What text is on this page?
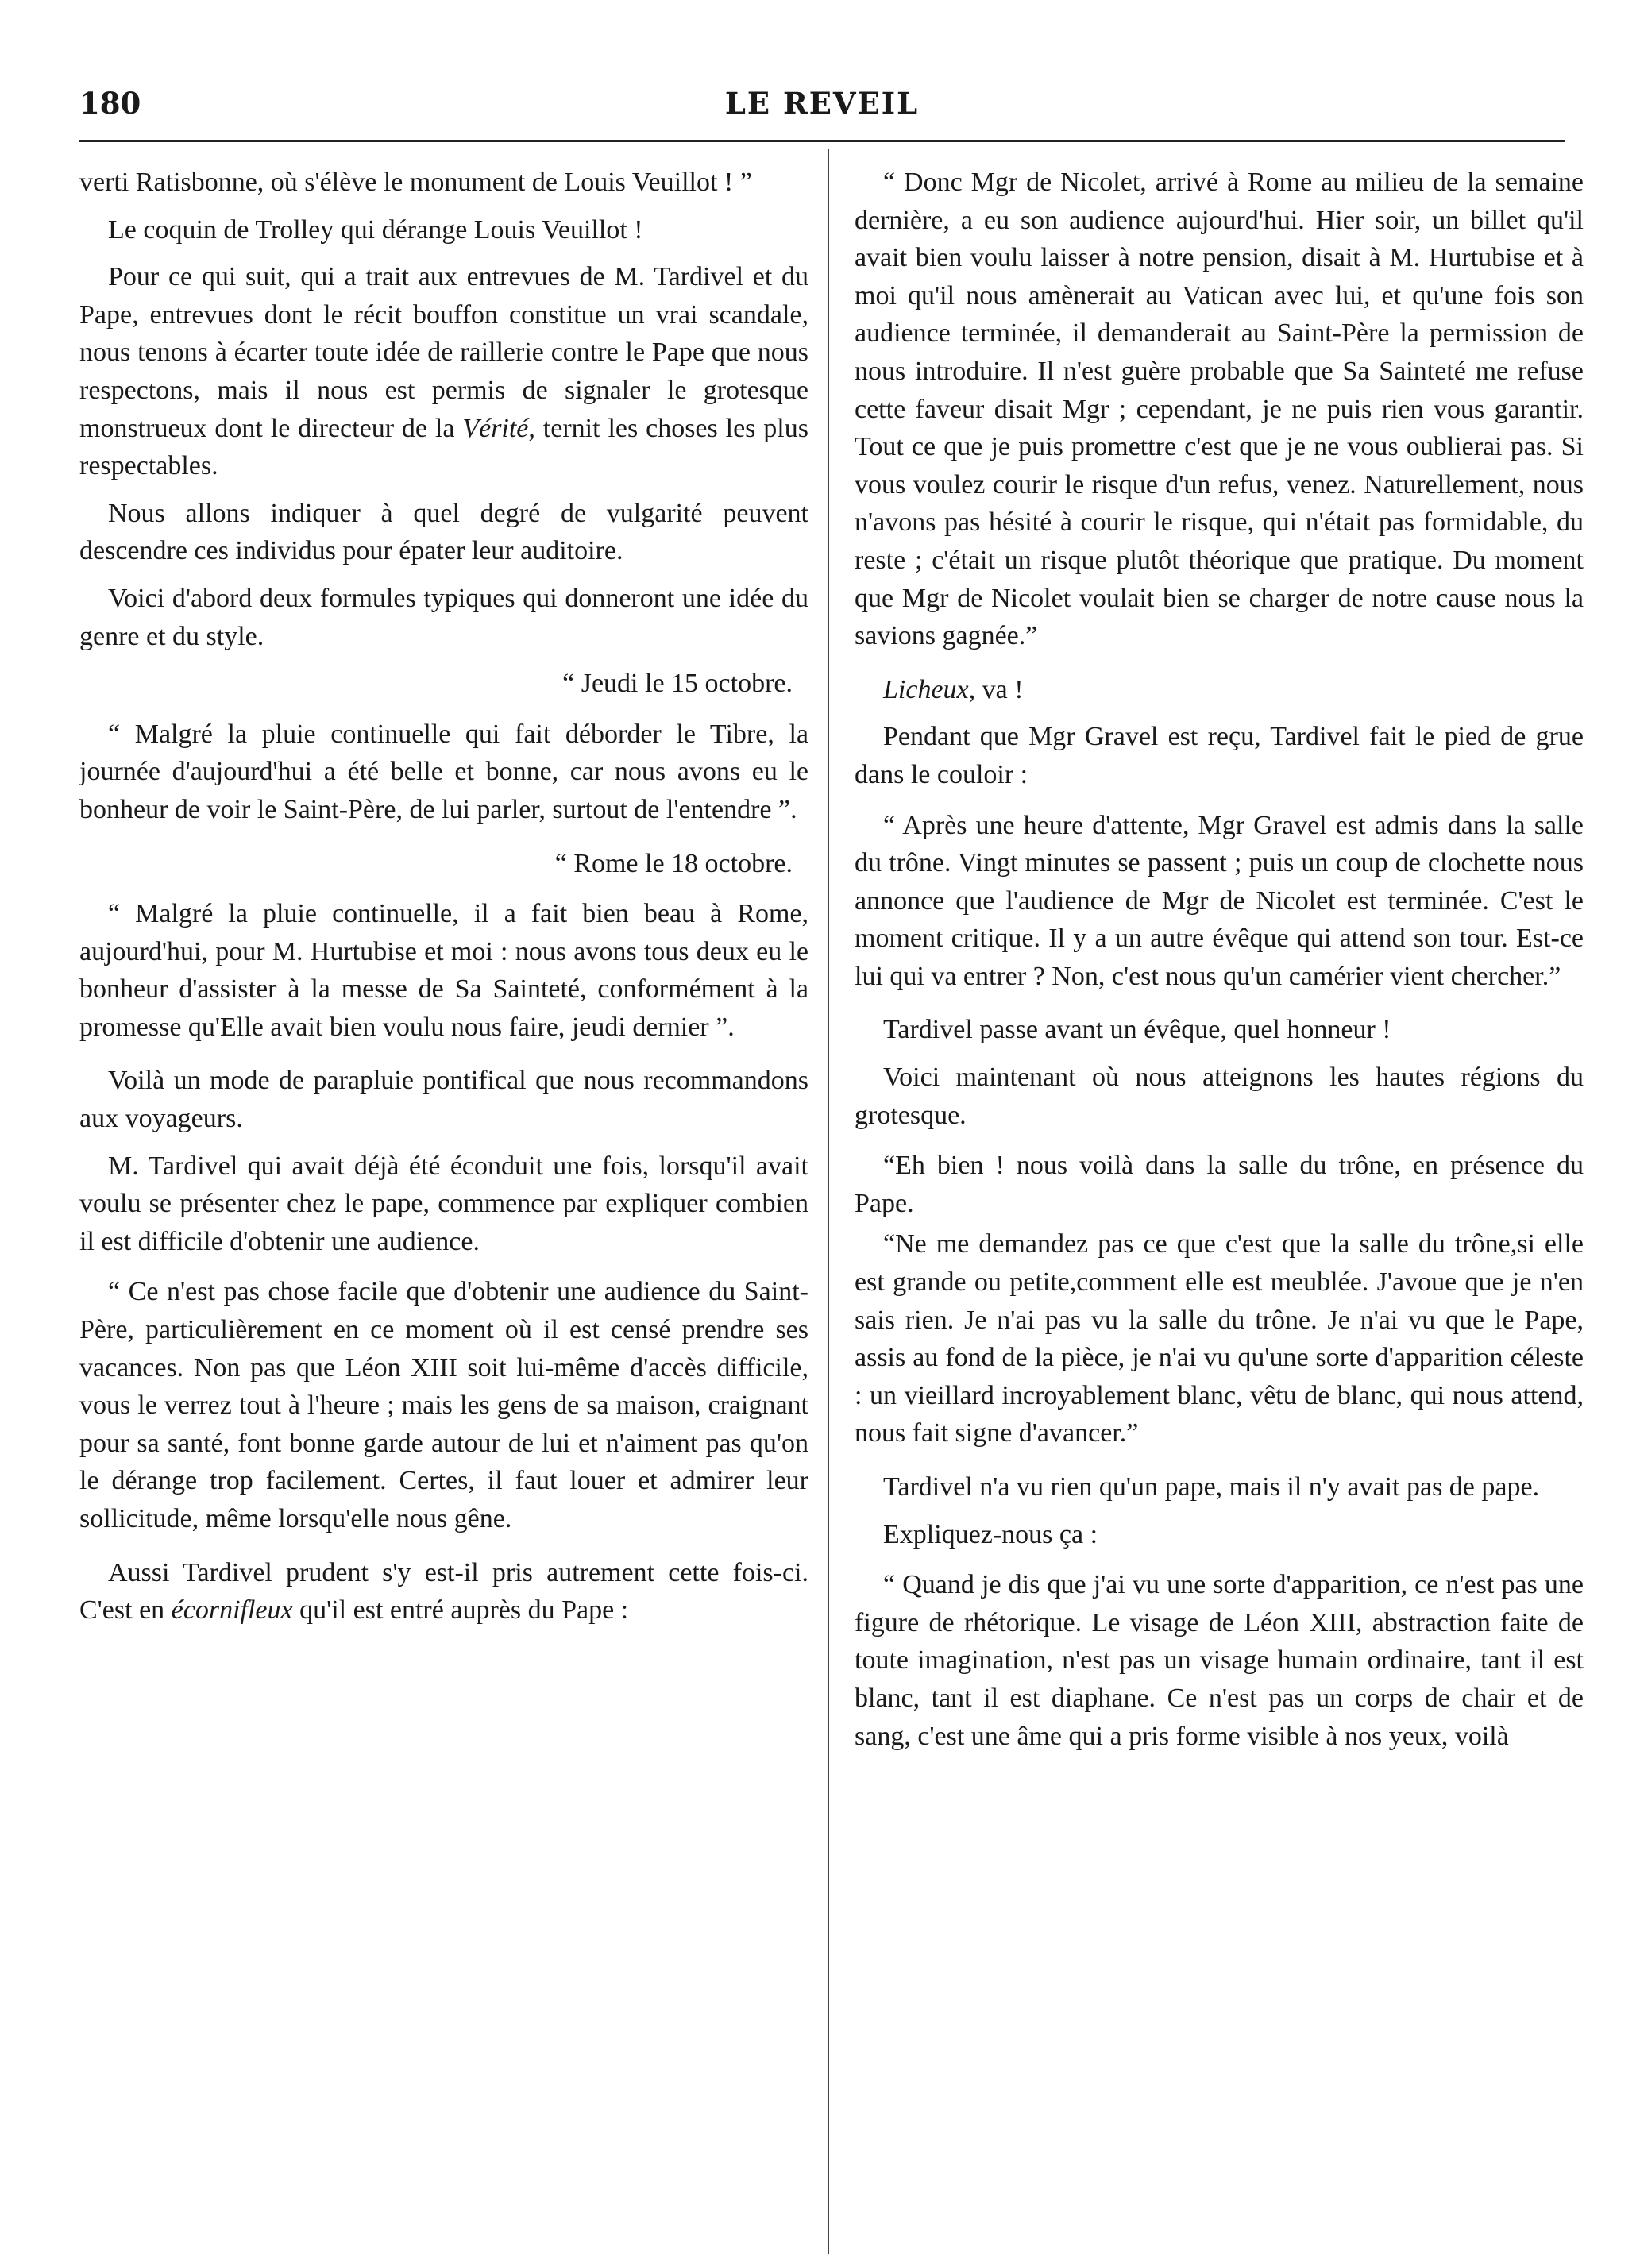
180	LE REVEIL

verti Ratisbonne, où s'élève le monument de Louis Veuillot ! ”

Le coquin de Trolley qui dérange Louis Veuillot !

Pour ce qui suit, qui a trait aux entrevues de M. Tardivel et du Pape, entrevues dont le récit bouffon constitue un vrai scandale, nous tenons à écarter toute idée de raillerie contre le Pape que nous respectons, mais il nous est permis de signaler le grotesque monstrueux dont le directeur de la Vérité, ternit les choses les plus respectables.

Nous allons indiquer à quel degré de vulgarité peuvent descendre ces individus pour épater leur auditoire.

Voici d'abord deux formules typiques qui donneront une idée du genre et du style.

“ Jeudi le 15 octobre.

“ Malgré la pluie continuelle qui fait déborder le Tibre, la journée d'aujourd'hui a été belle et bonne, car nous avons eu le bonheur de voir le Saint-Père, de lui parler, surtout de l'entendre ”.

“ Rome le 18 octobre.

“ Malgré la pluie continuelle, il a fait bien beau à Rome, aujourd'hui, pour M. Hurtubise et moi : nous avons tous deux eu le bonheur d'assister à la messe de Sa Sainteté, conformément à la promesse qu'Elle avait bien voulu nous faire, jeudi dernier ”.

Voilà un mode de parapluie pontifical que nous recommandons aux voyageurs.

M. Tardivel qui avait déjà été éconduit une fois, lorsqu'il avait voulu se présenter chez le pape, commence par expliquer combien il est difficile d'obtenir une audience.

“ Ce n'est pas chose facile que d'obtenir une audience du Saint-Père, particulièrement en ce moment où il est censé prendre ses vacances. Non pas que Léon XIII soit lui-même d'accès difficile, vous le verrez tout à l'heure ; mais les gens de sa maison, craignant pour sa santé, font bonne garde autour de lui et n'aiment pas qu'on le dérange trop facilement. Certes, il faut louer et admirer leur sollicitude, même lorsqu'elle nous gêne.

Aussi Tardivel prudent s'y est-il pris autrement cette fois-ci. C'est en écornifleux qu'il est entré auprès du Pape :

“ Donc Mgr de Nicolet, arrivé à Rome au milieu de la semaine dernière, a eu son audience aujourd'hui. Hier soir, un billet qu'il avait bien voulu laisser à notre pension, disait à M. Hurtubise et à moi qu'il nous amènerait au Vatican avec lui, et qu'une fois son audience terminée, il demanderait au Saint-Père la permission de nous introduire. Il n'est guère probable que Sa Sainteté me refuse cette faveur disait Mgr ; cependant, je ne puis rien vous garantir. Tout ce que je puis promettre c'est que je ne vous oublierai pas. Si vous voulez courir le risque d'un refus, venez. Naturellement, nous n'avons pas hésité à courir le risque, qui n'était pas formidable, du reste ; c'était un risque plutôt théorique que pratique. Du moment que Mgr de Nicolet voulait bien se charger de notre cause nous la savions gagnée.”

Licheux, va !

Pendant que Mgr Gravel est reçu, Tardivel fait le pied de grue dans le couloir :

“ Après une heure d'attente, Mgr Gravel est admis dans la salle du trône. Vingt minutes se passent ; puis un coup de clochette nous annonce que l'audience de Mgr de Nicolet est terminée. C'est le moment critique. Il y a un autre évêque qui attend son tour. Est-ce lui qui va entrer ? Non, c'est nous qu'un camérier vient chercher.”

Tardivel passe avant un évêque, quel honneur !

Voici maintenant où nous atteignons les hautes régions du grotesque.

“Eh bien ! nous voilà dans la salle du trône, en présence du Pape.

“Ne me demandez pas ce que c'est que la salle du trône,si elle est grande ou petite,comment elle est meublée. J'avoue que je n'en sais rien. Je n'ai pas vu la salle du trône. Je n'ai vu que le Pape, assis au fond de la pièce, je n'ai vu qu'une sorte d'apparition céleste : un vieillard incroyablement blanc, vêtu de blanc, qui nous attend, nous fait signe d'avancer.”

Tardivel n'a vu rien qu'un pape, mais il n'y avait pas de pape.

Expliquez-nous ça :

“ Quand je dis que j'ai vu une sorte d'apparition, ce n'est pas une figure de rhétorique. Le visage de Léon XIII, abstraction faite de toute imagination, n'est pas un visage humain ordinaire, tant il est blanc, tant il est diaphane. Ce n'est pas un corps de chair et de sang, c'est une âme qui a pris forme visible à nos yeux, voilà
